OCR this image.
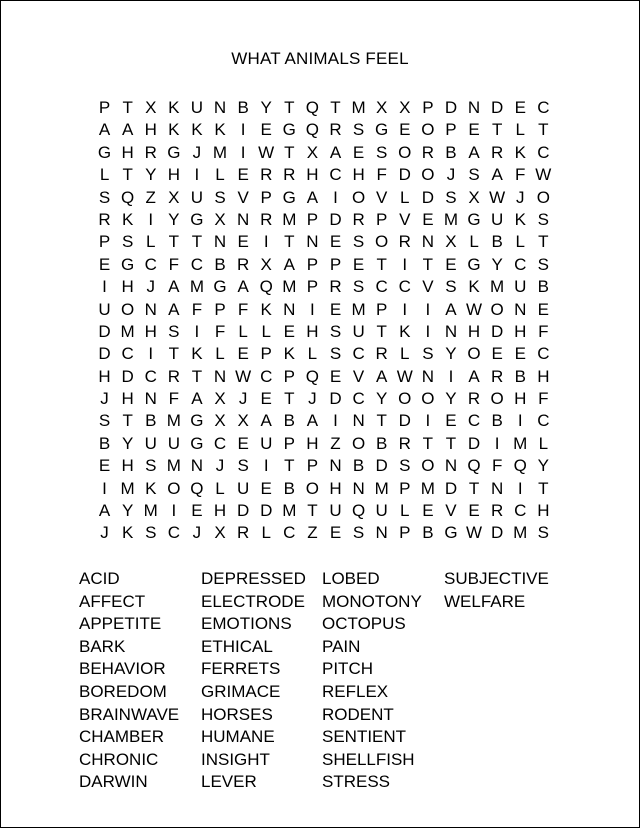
WHAT ANIMALS FEEL
P T X K U N B Y T Q T M X X P D N D E C
A A H K K K I E G Q R S G E O P E T L T
G H R G J M I W T X A E S O R B A R K C
L T Y H I L E R R H C H F D O J S A F W
S Q Z X U S V P G A I O V L D S X W J O
R K I Y G X N R M P D R P V E M G U K S
P S L T T N E I T N E S O R N X L B L T
E G C F C B R X A P P E T I T E G Y C S
I H J A M G A Q M P R S C C V S K M U B
U O N A F P F K N I E M P I	I A W O N E
D M H S I F L L E H S U T K I N H D H F
D C I T K L E P K L S C R L S Y O E E C
H D C R T N W C P Q E V A W N I A R B H
J H N F A X J E T J D C Y O O Y R O H F
S T B M G X X A B A I N T D I E C B I C
B Y U U G C E U P H Z O B R T T D I M L
E H S M N J S I T P N B D S O N Q F Q Y
I M K O Q L U E B O H N M P M D T N I T
A Y M I E H D D M T U Q U L E V E R C H
J K S C J X R L C Z E S N P B G W D M S
ACID
AFFECT
APPETITE
BARK
BEHAVIOR
BOREDOM
BRAINWAVE
CHAMBER
CHRONIC
DARWIN
DEPRESSED
ELECTRODE
EMOTIONS
ETHICAL
FERRETS
GRIMACE
HORSES
HUMANE
INSIGHT
LEVER
LOBED
MONOTONY
OCTOPUS
PAIN
PITCH
REFLEX
RODENT
SENTIENT
SHELLFISH
STRESS
SUBJECTIVE
WELFARE
